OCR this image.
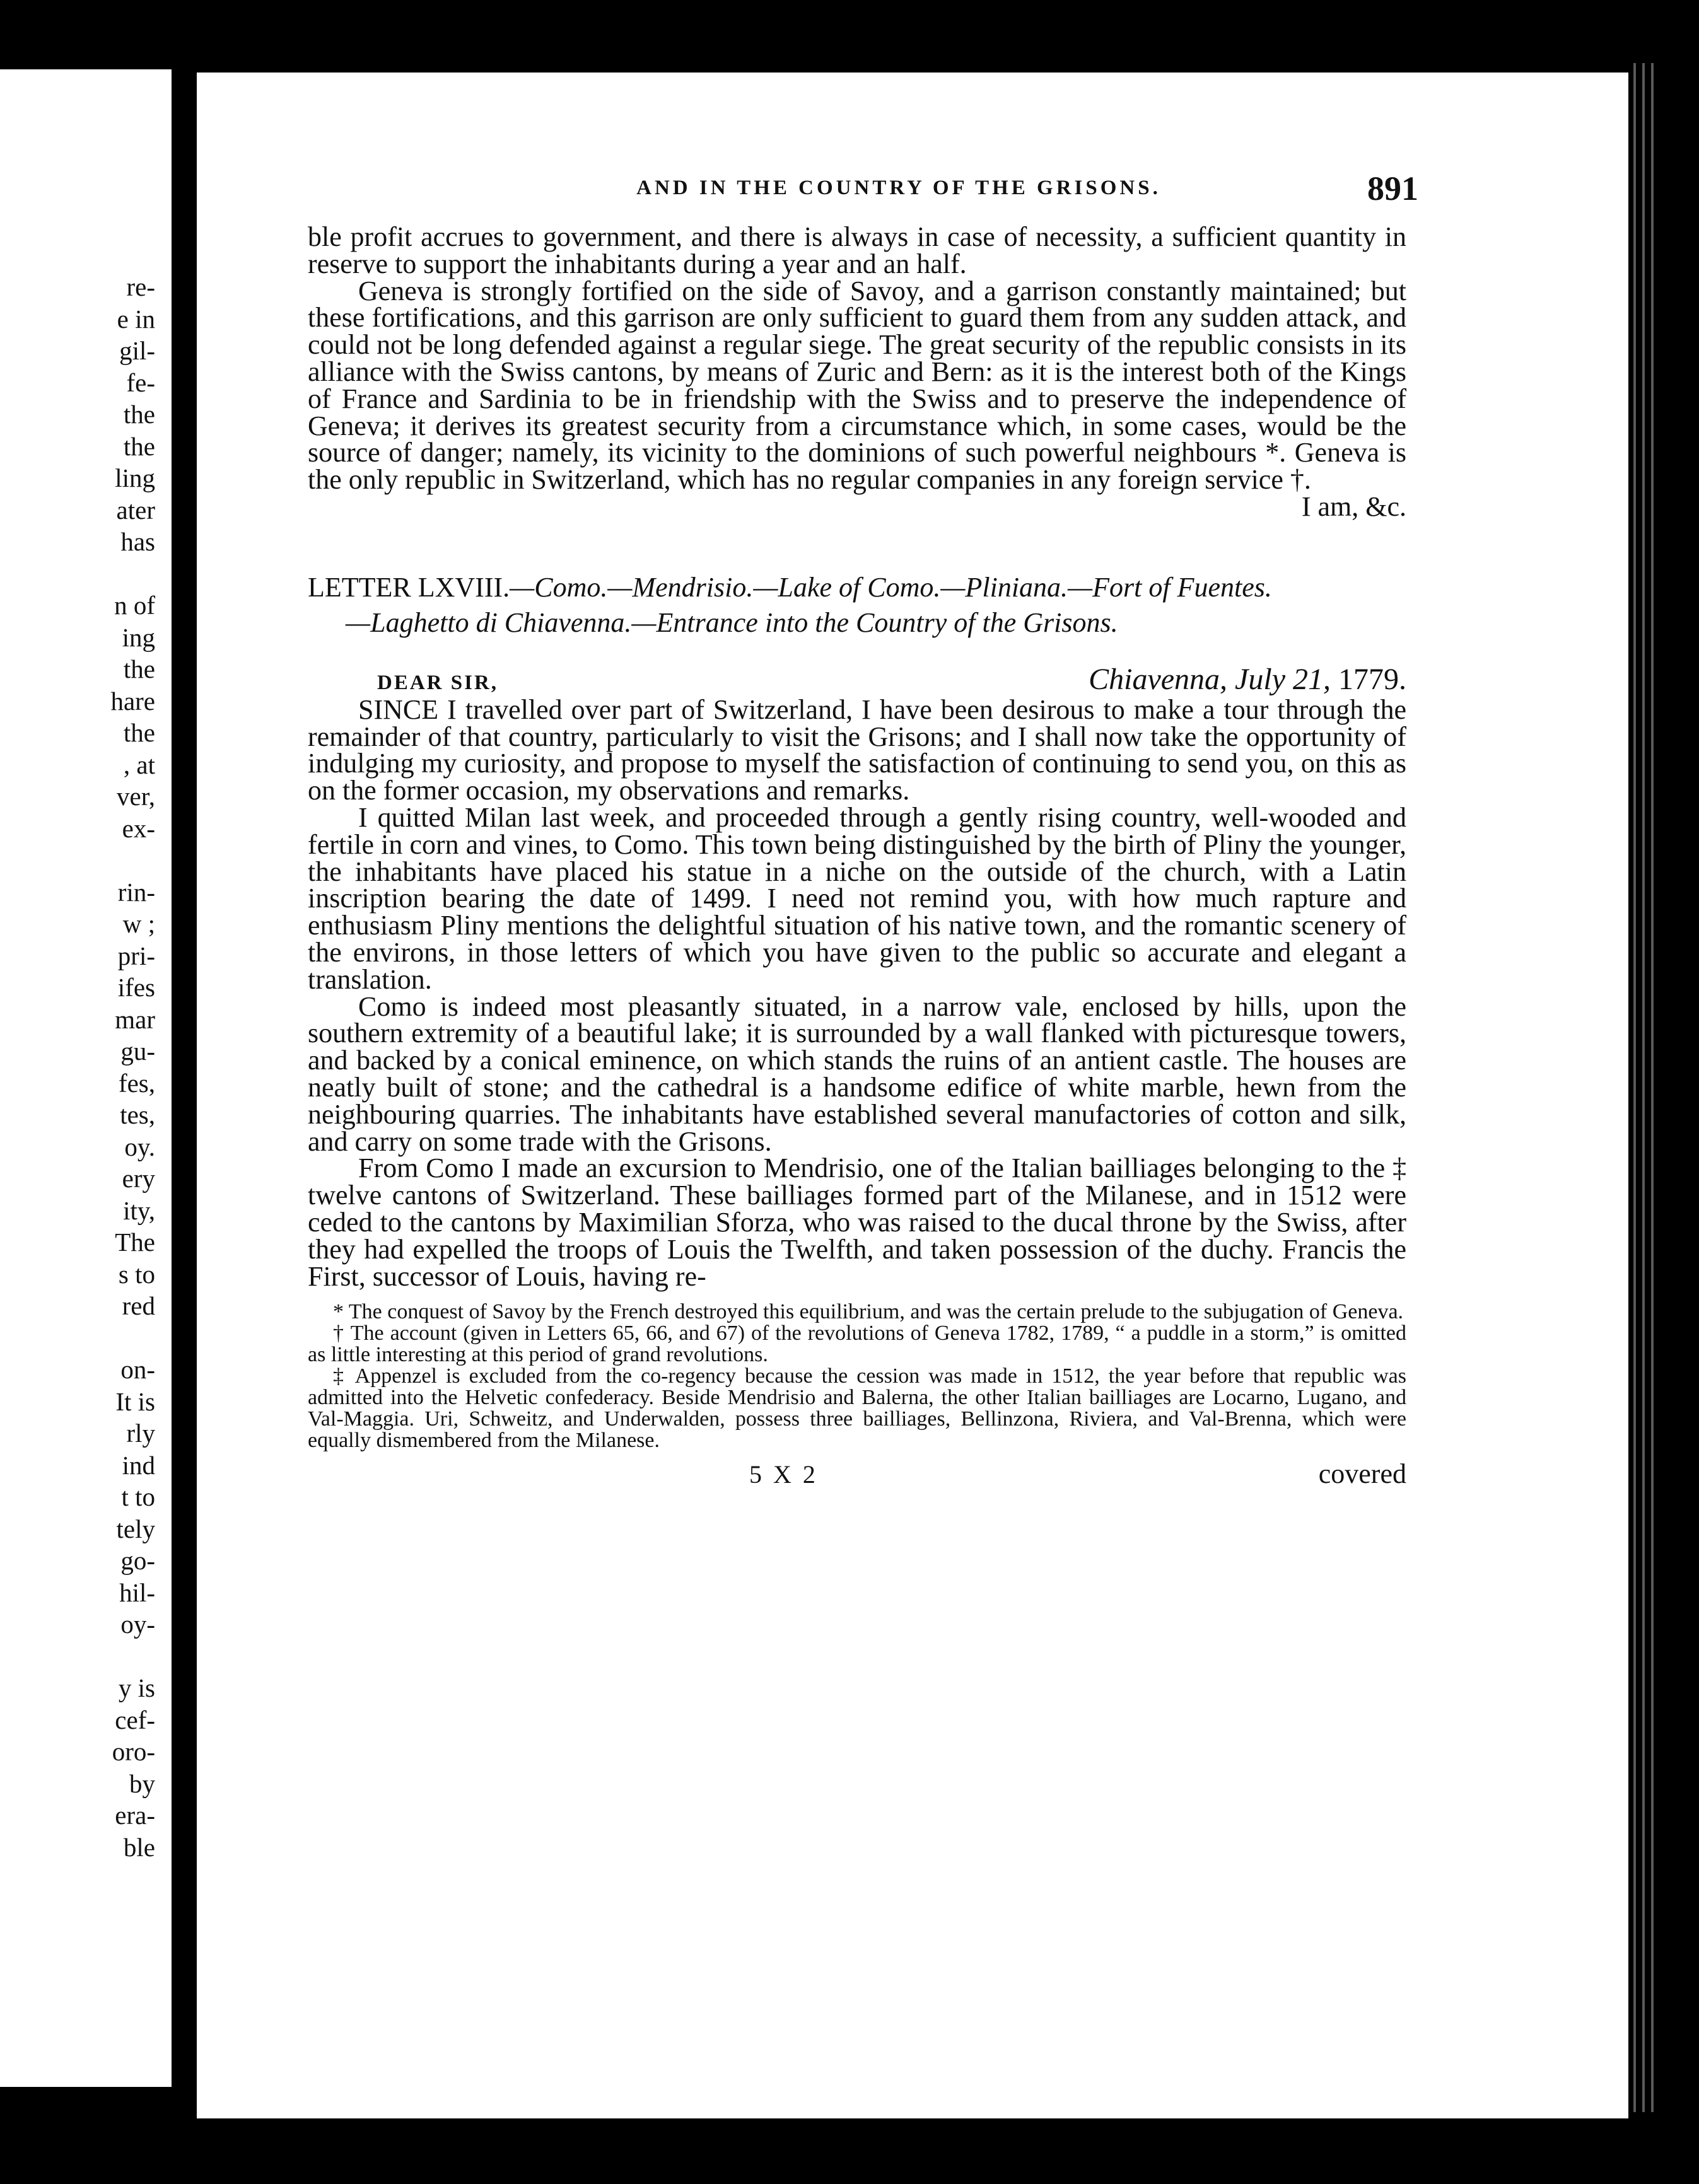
re-
e in
gil-
fe-
the
the
ling
ater
has
n of
ing
the
hare
the
, at
ver,
ex-
rin-
w ;
pri-
ifes
mar
gu-
fes,
tes,
oy.
ery
ity,
The
s to
red
on-
It is
rly
ind
t to
tely
go-
hil-
oy-
y is
cef-
oro-
by
era-
ble
AND IN THE COUNTRY OF THE GRISONS.	891

ble profit accrues to government, and there is always in case of necessity, a sufficient quantity in reserve to support the inhabitants during a year and an half.

Geneva is strongly fortified on the side of Savoy, and a garrison constantly maintained; but these fortifications, and this garrison are only sufficient to guard them from any sudden attack, and could not be long defended against a regular siege. The great security of the republic consists in its alliance with the Swiss cantons, by means of Zuric and Bern: as it is the interest both of the Kings of France and Sardinia to be in friendship with the Swiss and to preserve the independence of Geneva; it derives its greatest security from a circumstance which, in some cases, would be the source of danger; namely, its vicinity to the dominions of such powerful neighbours *. Geneva is the only republic in Switzerland, which has no regular companies in any foreign service †.

I am, &c.

LETTER LXVIII.—Como.—Mendrisio.—Lake of Como.—Pliniana.—Fort of Fuentes.

—Laghetto di Chiavenna.—Entrance into the Country of the Grisons.

DEAR SIR,	Chiavenna, July 21, 1779.

SINCE I travelled over part of Switzerland, I have been desirous to make a tour through the remainder of that country, particularly to visit the Grisons; and I shall now take the opportunity of indulging my curiosity, and propose to myself the satisfaction of continuing to send you, on this as on the former occasion, my observations and remarks.

I quitted Milan last week, and proceeded through a gently rising country, well-wooded and fertile in corn and vines, to Como. This town being distinguished by the birth of Pliny the younger, the inhabitants have placed his statue in a niche on the outside of the church, with a Latin inscription bearing the date of 1499. I need not remind you, with how much rapture and enthusiasm Pliny mentions the delightful situation of his native town, and the romantic scenery of the environs, in those letters of which you have given to the public so accurate and elegant a translation.

Como is indeed most pleasantly situated, in a narrow vale, enclosed by hills, upon the southern extremity of a beautiful lake; it is surrounded by a wall flanked with picturesque towers, and backed by a conical eminence, on which stands the ruins of an antient castle. The houses are neatly built of stone; and the cathedral is a handsome edifice of white marble, hewn from the neighbouring quarries. The inhabitants have established several manufactories of cotton and silk, and carry on some trade with the Grisons.

From Como I made an excursion to Mendrisio, one of the Italian bailliages belonging to the ‡ twelve cantons of Switzerland. These bailliages formed part of the Milanese, and in 1512 were ceded to the cantons by Maximilian Sforza, who was raised to the ducal throne by the Swiss, after they had expelled the troops of Louis the Twelfth, and taken possession of the duchy. Francis the First, successor of Louis, having re-

* The conquest of Savoy by the French destroyed this equilibrium, and was the certain prelude to the subjugation of Geneva.

† The account (given in Letters 65, 66, and 67) of the revolutions of Geneva 1782, 1789, “ a puddle in a storm,” is omitted as little interesting at this period of grand revolutions.

‡ Appenzel is excluded from the co-regency because the cession was made in 1512, the year before that republic was admitted into the Helvetic confederacy. Beside Mendrisio and Balerna, the other Italian bailliages are Locarno, Lugano, and Val-Maggia. Uri, Schweitz, and Underwalden, possess three bailliages, Bellinzona, Riviera, and Val-Brenna, which were equally dismembered from the Milanese.

5 X 2	covered
